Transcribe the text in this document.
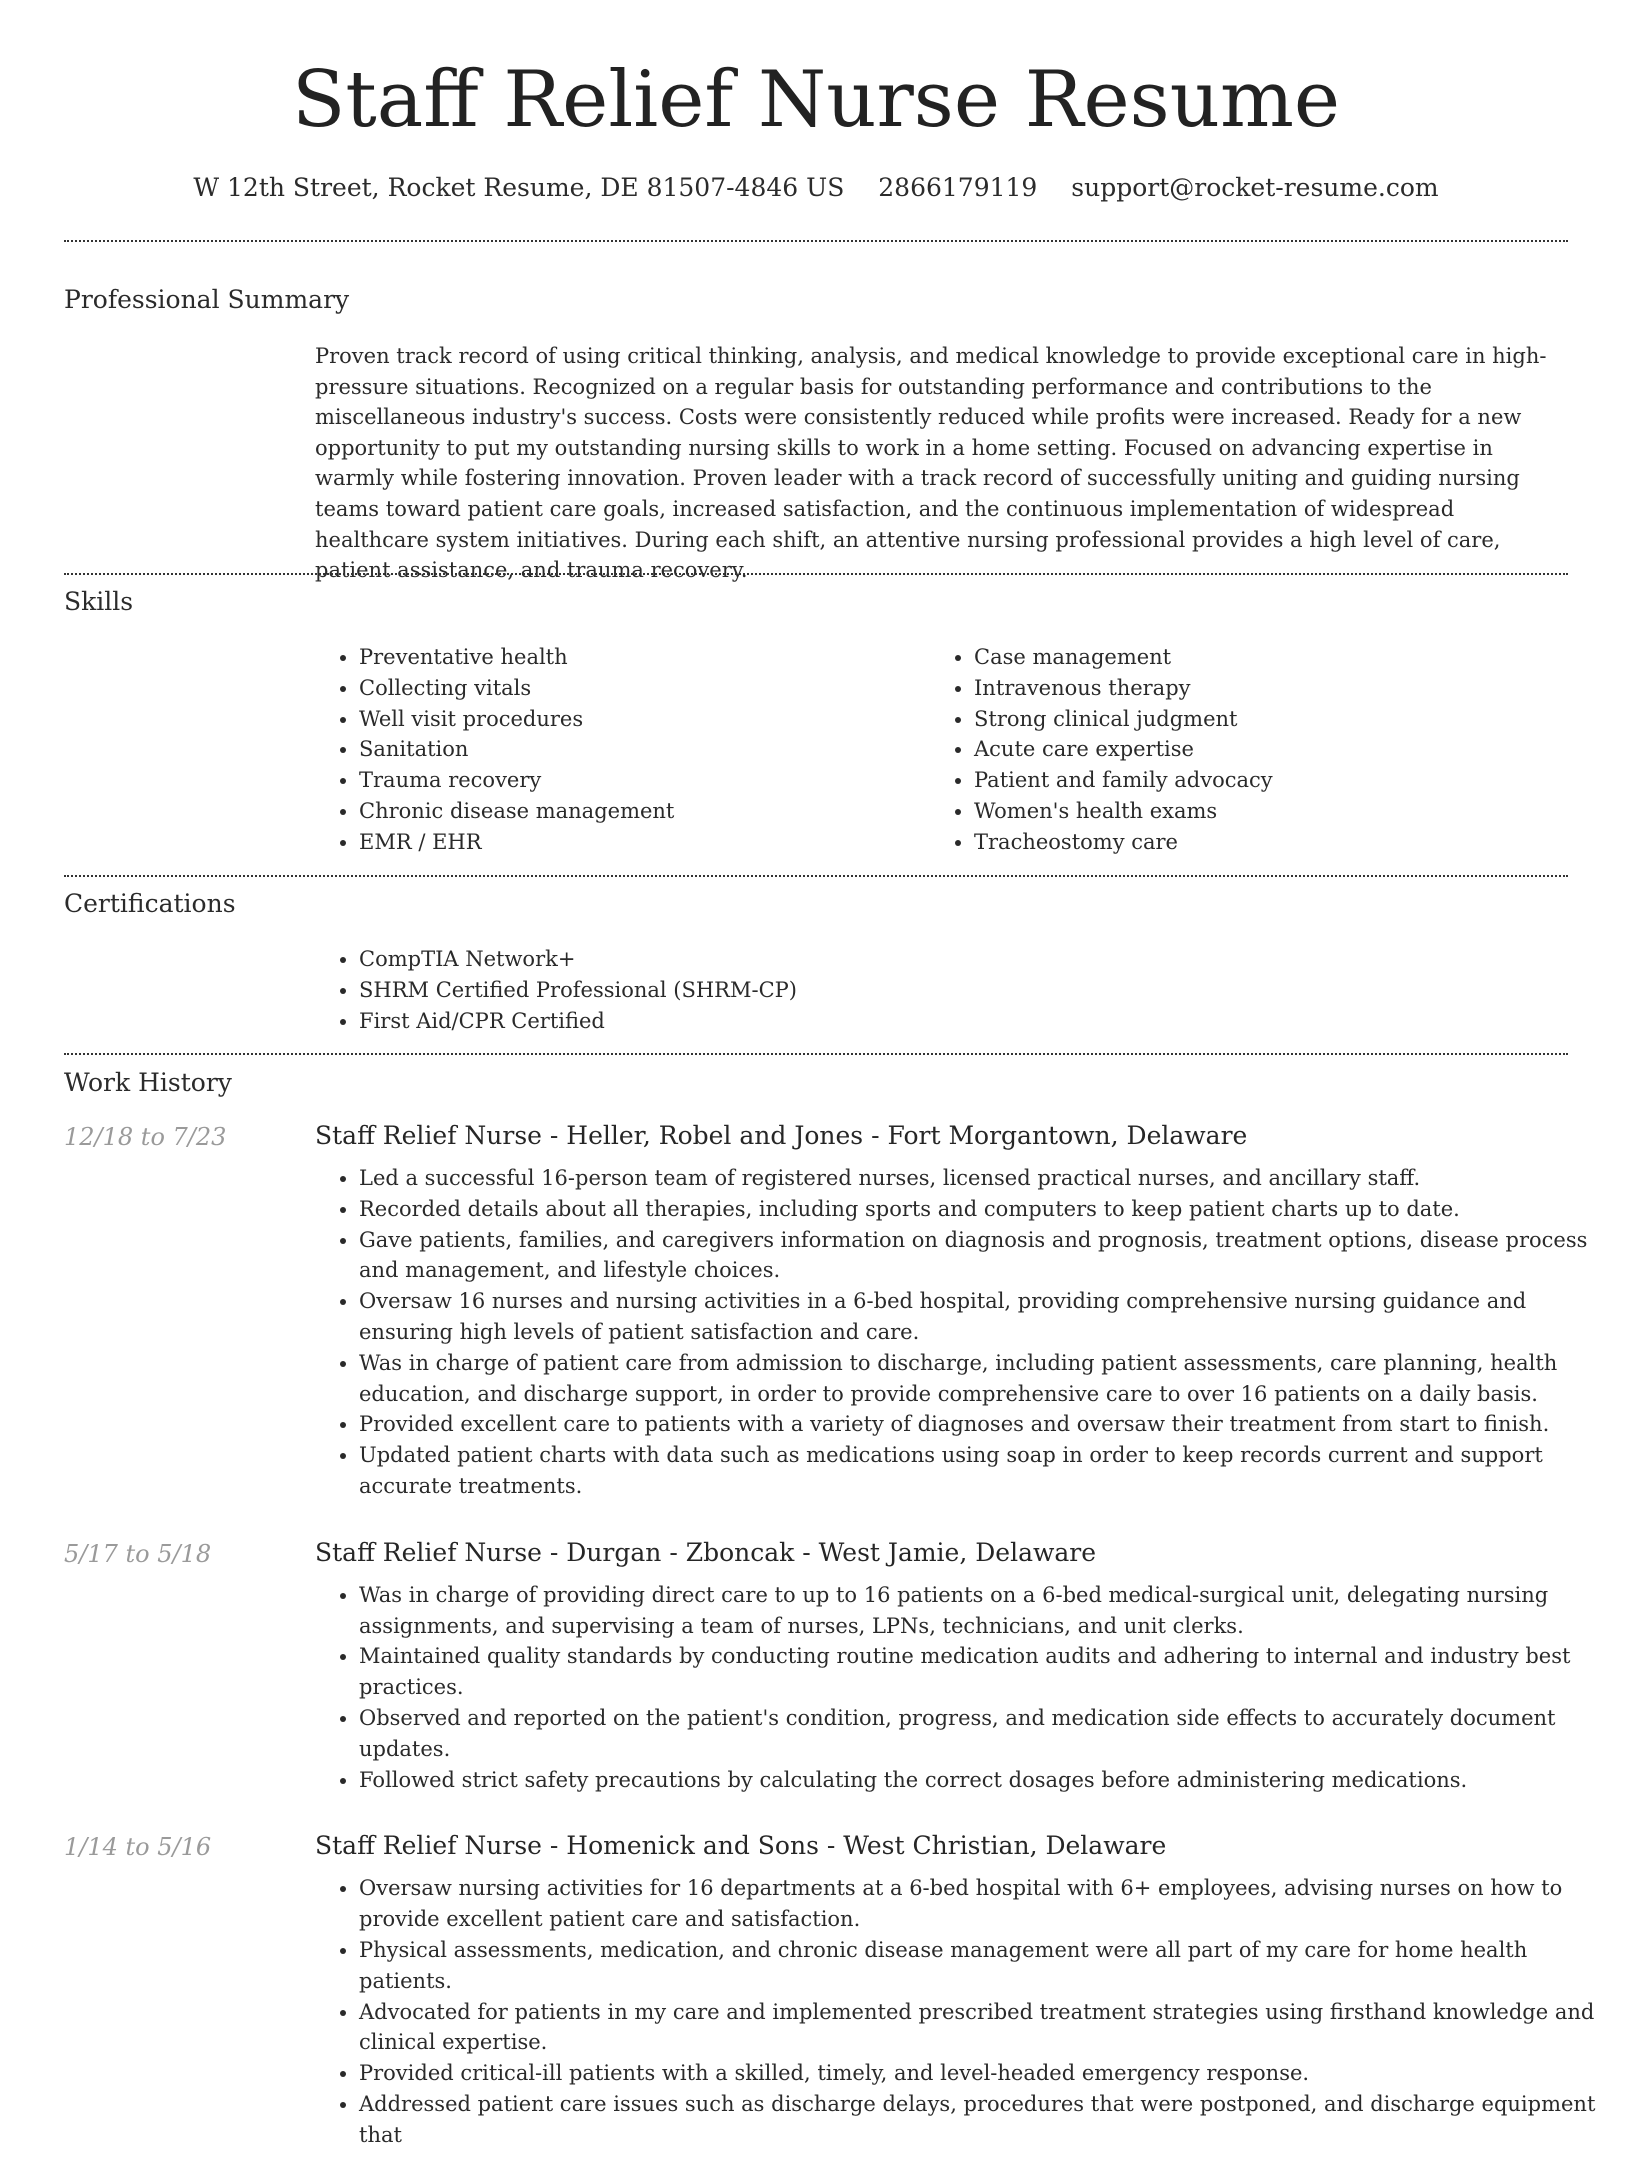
Staff Relief Nurse Resume
W 12th Street, Rocket Resume, DE 81507-4846 US 2866179119 support@rocket-resume.com
Professional Summary

Proven track record of using critical thinking, analysis, and medical knowledge to provide exceptional care in high-pressure situations. Recognized on a regular basis for outstanding performance and contributions to the miscellaneous industry's success. Costs were consistently reduced while profits were increased. Ready for a new opportunity to put my outstanding nursing skills to work in a home setting. Focused on advancing expertise in warmly while fostering innovation. Proven leader with a track record of successfully uniting and guiding nursing teams toward patient care goals, increased satisfaction, and the continuous implementation of widespread healthcare system initiatives. During each shift, an attentive nursing professional provides a high level of care, patient assistance, and trauma recovery.

Skills
• Preventative health
• Collecting vitals
• Well visit procedures
• Sanitation
• Trauma recovery
• Chronic disease management
• EMR / EHR
• Case management
• Intravenous therapy
• Strong clinical judgment
• Acute care expertise
• Patient and family advocacy
• Women's health exams
• Tracheostomy care
Certifications
• CompTIA Network+
• SHRM Certified Professional (SHRM-CP)
• First Aid/CPR Certified
Work History
12/18 to 7/23	Staff Relief Nurse - Heller, Robel and Jones - Fort Morgantown, Delaware
• Led a successful 16-person team of registered nurses, licensed practical nurses, and ancillary staff.
• Recorded details about all therapies, including sports and computers to keep patient charts up to date.
• Gave patients, families, and caregivers information on diagnosis and prognosis, treatment options, disease process and management, and lifestyle choices.
• Oversaw 16 nurses and nursing activities in a 6-bed hospital, providing comprehensive nursing guidance and ensuring high levels of patient satisfaction and care.
• Was in charge of patient care from admission to discharge, including patient assessments, care planning, health education, and discharge support, in order to provide comprehensive care to over 16 patients on a daily basis.
• Provided excellent care to patients with a variety of diagnoses and oversaw their treatment from start to finish.
• Updated patient charts with data such as medications using soap in order to keep records current and support accurate treatments.
5/17 to 5/18	Staff Relief Nurse - Durgan - Zboncak - West Jamie, Delaware
• Was in charge of providing direct care to up to 16 patients on a 6-bed medical-surgical unit, delegating nursing assignments, and supervising a team of nurses, LPNs, technicians, and unit clerks.
• Maintained quality standards by conducting routine medication audits and adhering to internal and industry best practices.
• Observed and reported on the patient's condition, progress, and medication side effects to accurately document updates.
• Followed strict safety precautions by calculating the correct dosages before administering medications.
1/14 to 5/16	Staff Relief Nurse - Homenick and Sons - West Christian, Delaware
• Oversaw nursing activities for 16 departments at a 6-bed hospital with 6+ employees, advising nurses on how to provide excellent patient care and satisfaction.
• Physical assessments, medication, and chronic disease management were all part of my care for home health patients.
• Advocated for patients in my care and implemented prescribed treatment strategies using firsthand knowledge and clinical expertise.
• Provided critical-ill patients with a skilled, timely, and level-headed emergency response.
• Addressed patient care issues such as discharge delays, procedures that were postponed, and discharge equipment that
